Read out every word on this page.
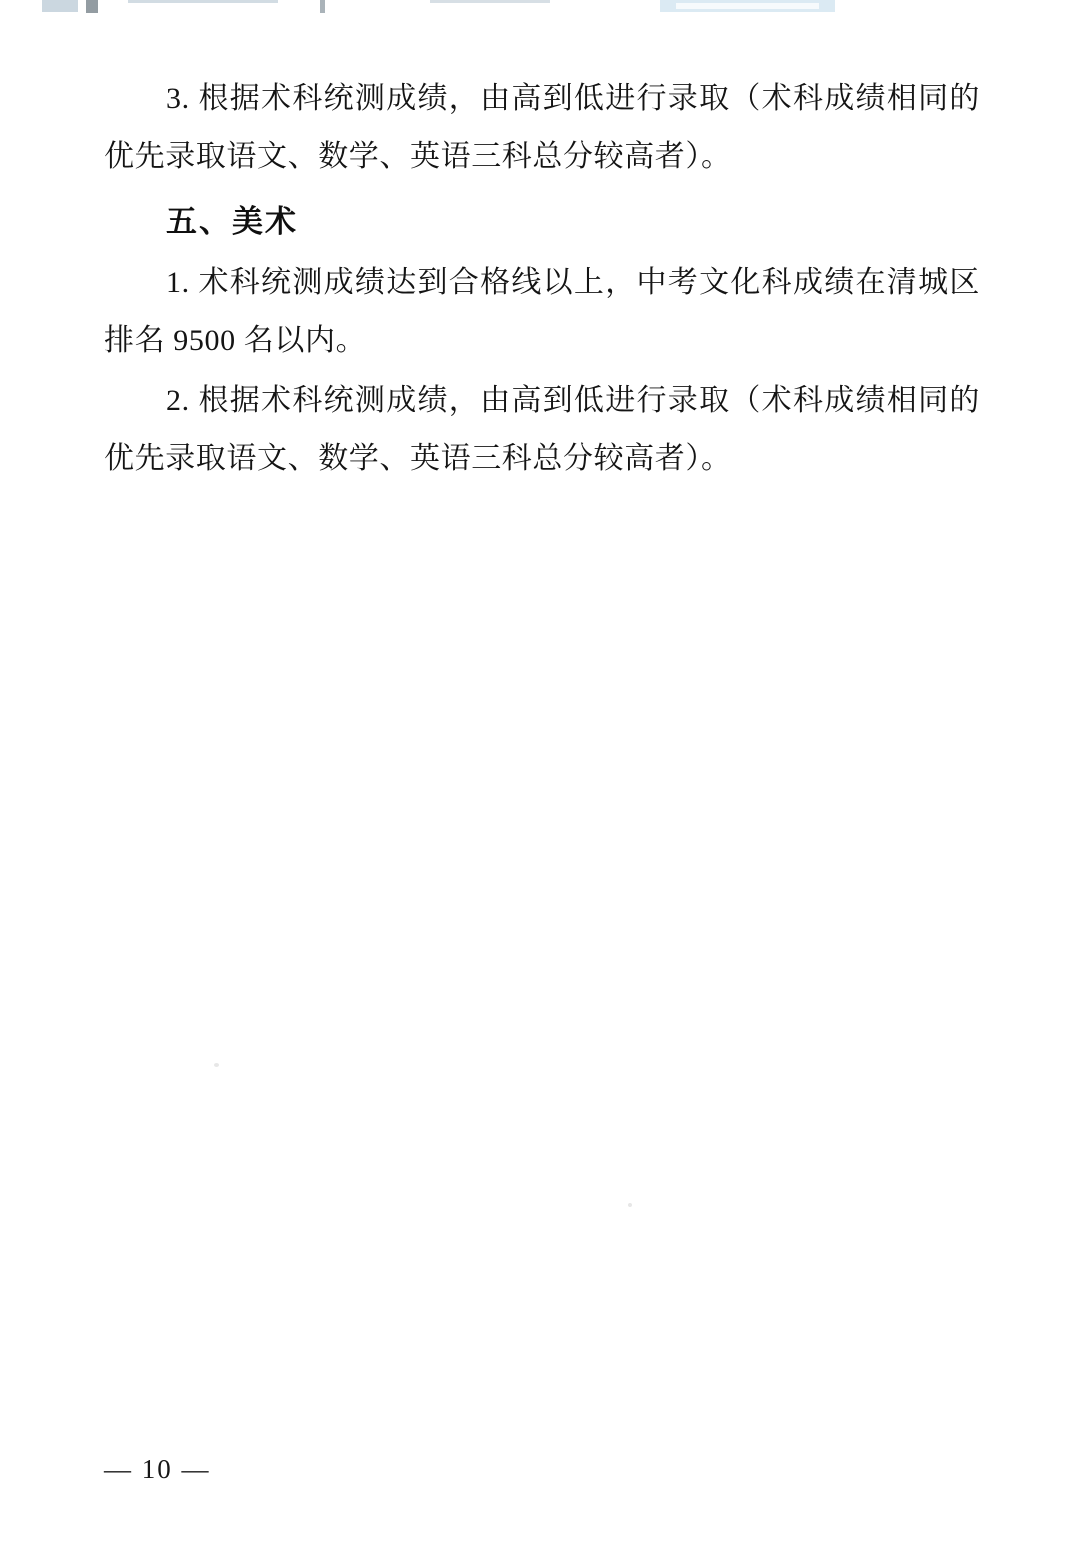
3. 根据术科统测成绩，由高到低进行录取（术科成绩相同的优先录取语文、数学、英语三科总分较高者）。

五、美术

1. 术科统测成绩达到合格线以上，中考文化科成绩在清城区排名 9500 名以内。

2. 根据术科统测成绩，由高到低进行录取（术科成绩相同的优先录取语文、数学、英语三科总分较高者）。

— 10 —
